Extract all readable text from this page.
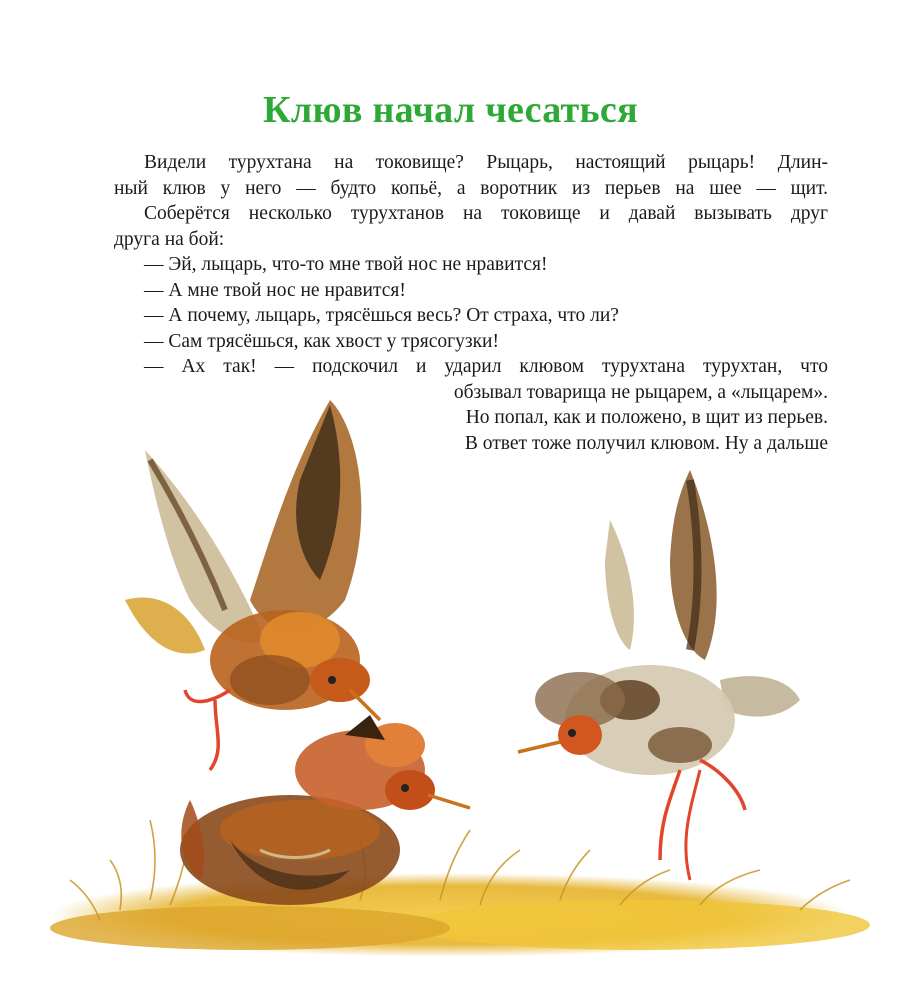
Клюв начал чесаться
Видели турухтана на токовище? Рыцарь, настоящий рыцарь! Длин-
ный клюв у него — будто копьё, а воротник из перьев на шее — щит.
Соберётся несколько турухтанов на токовище и давай вызывать друг
друга на бой:
— Эй, лыцарь, что-то мне твой нос не нравится!
— А мне твой нос не нравится!
— А почему, лыцарь, трясёшься весь? От страха, что ли?
— Сам трясёшься, как хвост у трясогузки!
— Ах так! — подскочил и ударил клювом турухтана турухтан, что
обзывал товарища не рыцарем, а «лыцарем».
Но попал, как и положено, в щит из перьев.
В ответ тоже получил клювом. Ну а дальше
